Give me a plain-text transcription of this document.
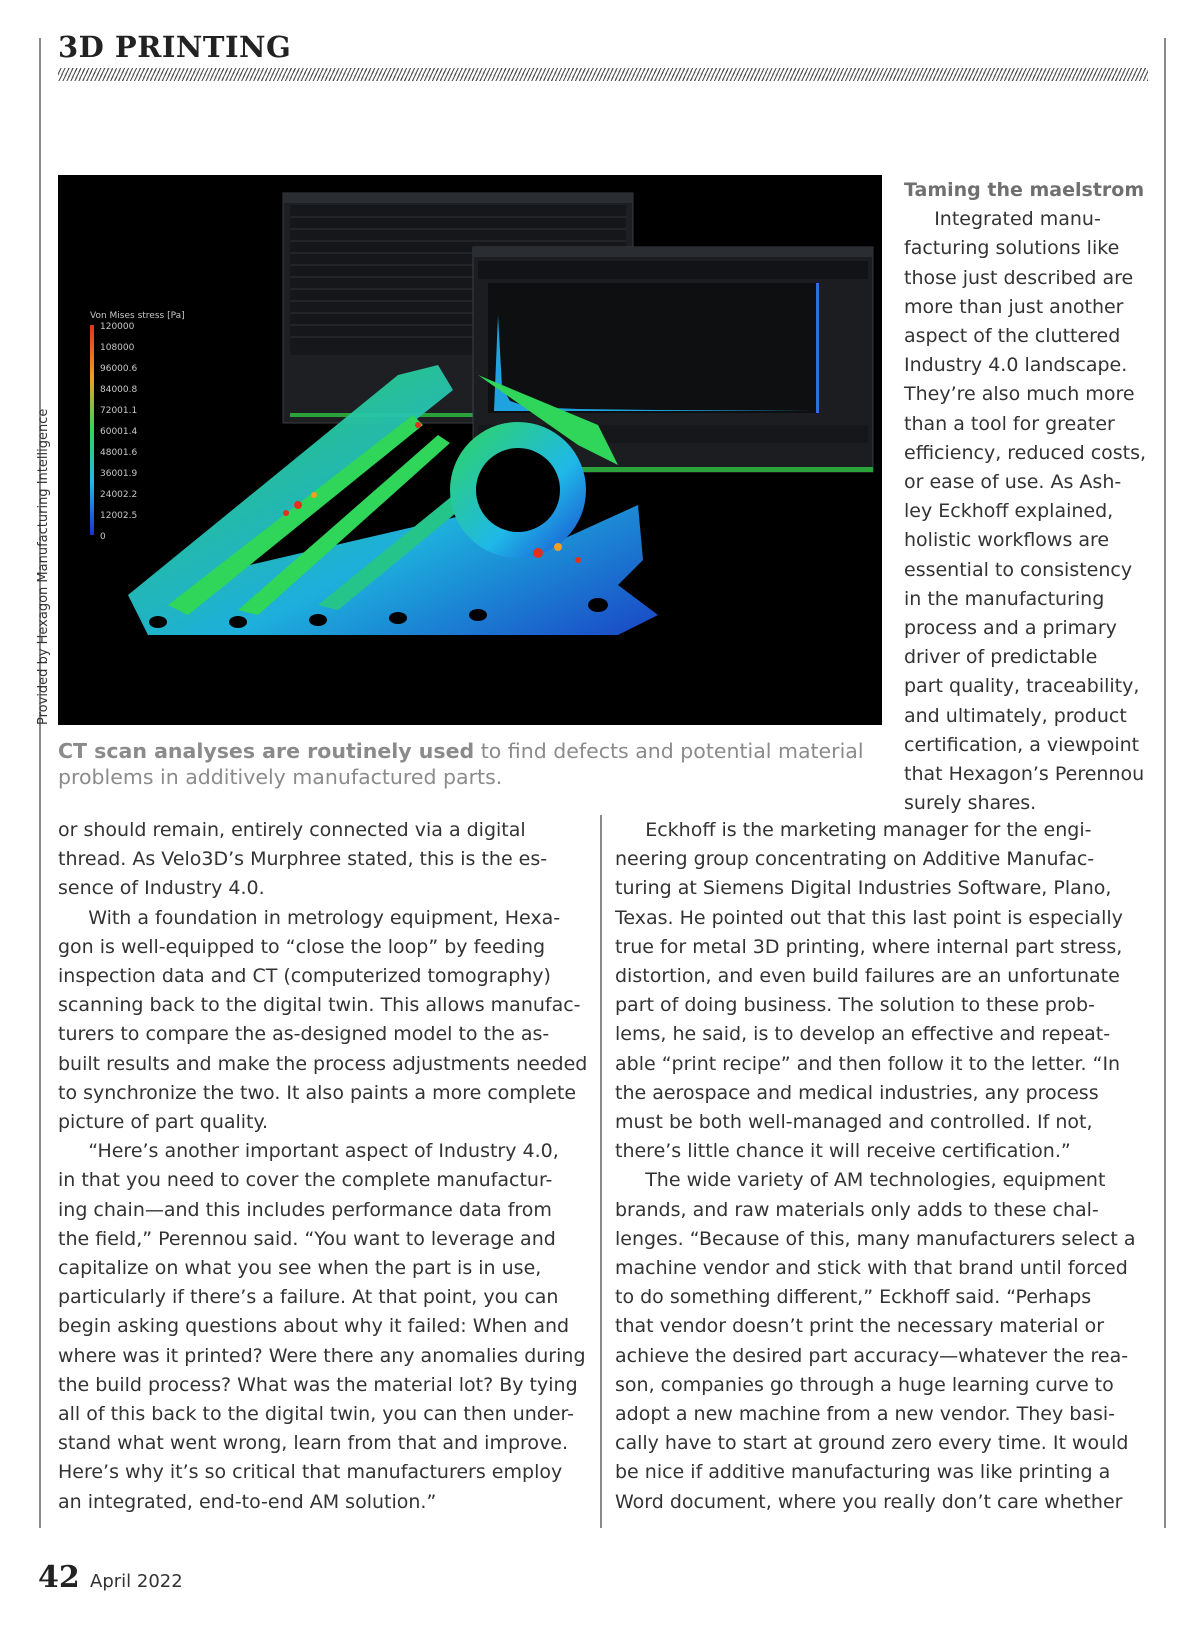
3D PRINTING
Von Mises stress [Pa]
120000
108000
96000.6
84000.8
72001.1
60001.4
48001.6
36001.9
24002.2
12002.5
0
Provided by Hexagon Manufacturing Intelligence

CT scan analyses are routinely used to find defects and potential material problems in additively manufactured parts.

Taming the maelstrom

Integrated manu-

facturing solutions like

those just described are

more than just another

aspect of the cluttered

Industry 4.0 landscape.

They’re also much more

than a tool for greater

efficiency, reduced costs,

or ease of use. As Ash-

ley Eckhoff explained,

holistic workflows are

essential to consistency

in the manufacturing

process and a primary

driver of predictable

part quality, traceability,

and ultimately, product

certification, a viewpoint

that Hexagon’s Perennou

surely shares.

or should remain, entirely connected via a digital

thread. As Velo3D’s Murphree stated, this is the es-

sence of Industry 4.0.

With a foundation in metrology equipment, Hexa-

gon is well-equipped to “close the loop” by feeding

inspection data and CT (computerized tomography)

scanning back to the digital twin. This allows manufac-

turers to compare the as-designed model to the as-

built results and make the process adjustments needed

to synchronize the two. It also paints a more complete

picture of part quality.

“Here’s another important aspect of Industry 4.0,

in that you need to cover the complete manufactur-

ing chain—and this includes performance data from

the field,” Perennou said. “You want to leverage and

capitalize on what you see when the part is in use,

particularly if there’s a failure. At that point, you can

begin asking questions about why it failed: When and

where was it printed? Were there any anomalies during

the build process? What was the material lot? By tying

all of this back to the digital twin, you can then under-

stand what went wrong, learn from that and improve.

Here’s why it’s so critical that manufacturers employ

an integrated, end-to-end AM solution.”

Eckhoff is the marketing manager for the engi-

neering group concentrating on Additive Manufac-

turing at Siemens Digital Industries Software, Plano,

Texas. He pointed out that this last point is especially

true for metal 3D printing, where internal part stress,

distortion, and even build failures are an unfortunate

part of doing business. The solution to these prob-

lems, he said, is to develop an effective and repeat-

able “print recipe” and then follow it to the letter. “In

the aerospace and medical industries, any process

must be both well-managed and controlled. If not,

there’s little chance it will receive certification.”

The wide variety of AM technologies, equipment

brands, and raw materials only adds to these chal-

lenges. “Because of this, many manufacturers select a

machine vendor and stick with that brand until forced

to do something different,” Eckhoff said. “Perhaps

that vendor doesn’t print the necessary material or

achieve the desired part accuracy—whatever the rea-

son, companies go through a huge learning curve to

adopt a new machine from a new vendor. They basi-

cally have to start at ground zero every time. It would

be nice if additive manufacturing was like printing a

Word document, where you really don’t care whether

42 April 2022
